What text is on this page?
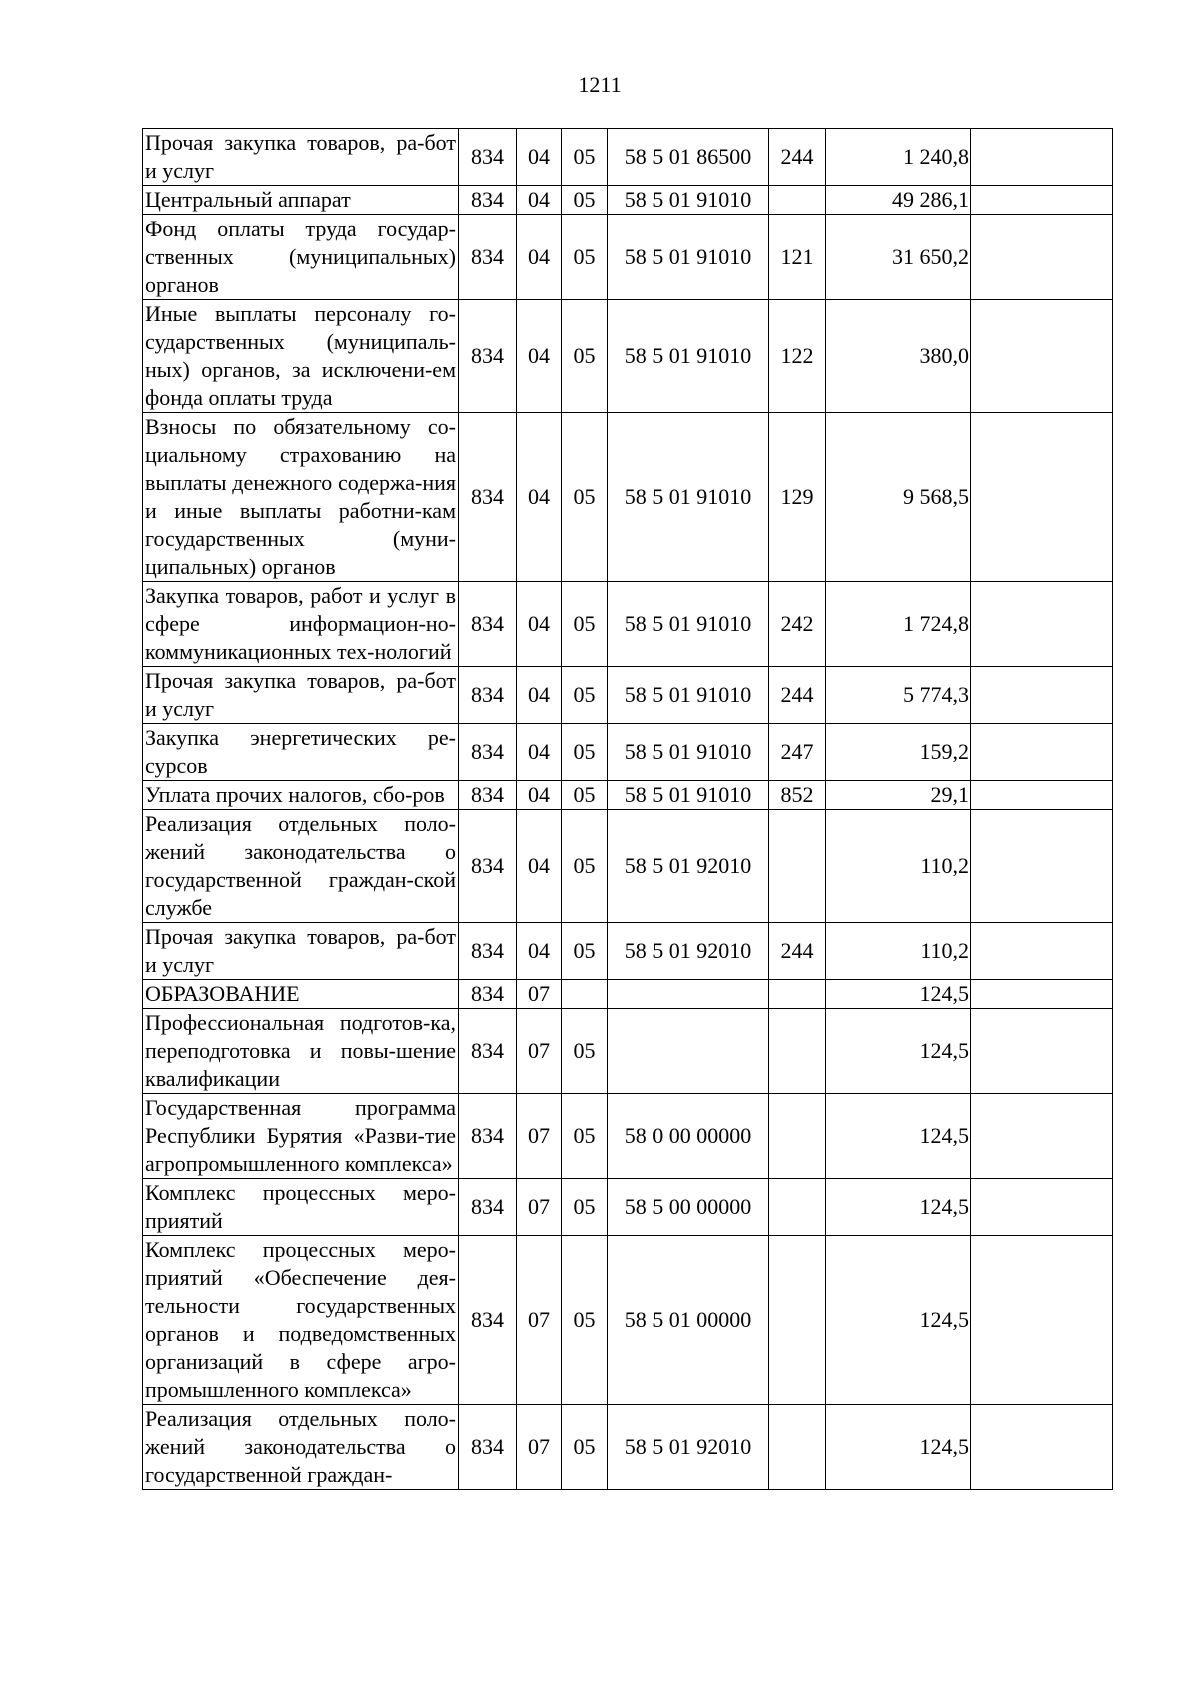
1211
Прочая закупка товаров, ра-бот и услуг	834	04	05	58 5 01 86500	244	1 240,8	
Центральный аппарат	834	04	05	58 5 01 91010		49 286,1	
Фонд оплаты труда государ-ственных (муниципальных) органов	834	04	05	58 5 01 91010	121	31 650,2	
Иные выплаты персоналу го-сударственных (муниципаль-ных) органов, за исключени-ем фонда оплаты труда	834	04	05	58 5 01 91010	122	380,0	
Взносы по обязательному со-циальному страхованию на выплаты денежного содержа-ния и иные выплаты работни-кам государственных (муни-ципальных) органов	834	04	05	58 5 01 91010	129	9 568,5	
Закупка товаров, работ и услуг в сфере информацион-но-коммуникационных тех-нологий	834	04	05	58 5 01 91010	242	1 724,8	
Прочая закупка товаров, ра-бот и услуг	834	04	05	58 5 01 91010	244	5 774,3	
Закупка энергетических ре-сурсов	834	04	05	58 5 01 91010	247	159,2	
Уплата прочих налогов, сбо-ров	834	04	05	58 5 01 91010	852	29,1	
Реализация отдельных поло-жений законодательства о государственной граждан-ской службе	834	04	05	58 5 01 92010		110,2	
Прочая закупка товаров, ра-бот и услуг	834	04	05	58 5 01 92010	244	110,2	
ОБРАЗОВАНИЕ	834	07				124,5	
Профессиональная подготов-ка, переподготовка и повы-шение квалификации	834	07	05			124,5	
Государственная программа Республики Бурятия «Разви-тие агропромышленного комплекса»	834	07	05	58 0 00 00000		124,5	
Комплекс процессных меро-приятий	834	07	05	58 5 00 00000		124,5	
Комплекс процессных меро-приятий «Обеспечение дея-тельности государственных органов и подведомственных организаций в сфере агро-промышленного комплекса»	834	07	05	58 5 01 00000		124,5	
Реализация отдельных поло-жений законодательства о государственной граждан-	834	07	05	58 5 01 92010		124,5	
